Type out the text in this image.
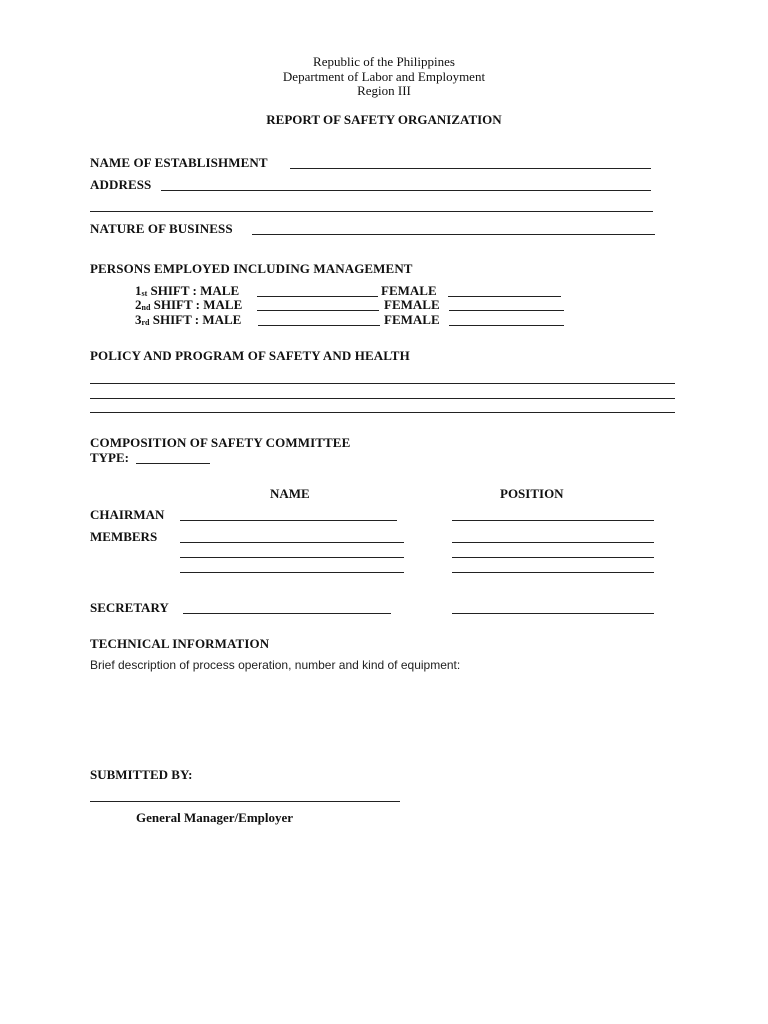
Republic of the Philippines
Department of Labor and Employment
Region III
REPORT OF SAFETY ORGANIZATION
NAME OF ESTABLISHMENT
ADDRESS
NATURE OF BUSINESS
PERSONS EMPLOYED INCLUDING MANAGEMENT
1st SHIFT : MALE	FEMALE
2nd SHIFT : MALE	FEMALE
3rd SHIFT : MALE	FEMALE
POLICY AND PROGRAM OF SAFETY AND HEALTH
COMPOSITION OF SAFETY COMMITTEE
TYPE:
NAME	POSITION
CHAIRMAN
MEMBERS
SECRETARY
TECHNICAL INFORMATION
Brief description of process operation, number and kind of equipment:
SUBMITTED BY:
General Manager/Employer
